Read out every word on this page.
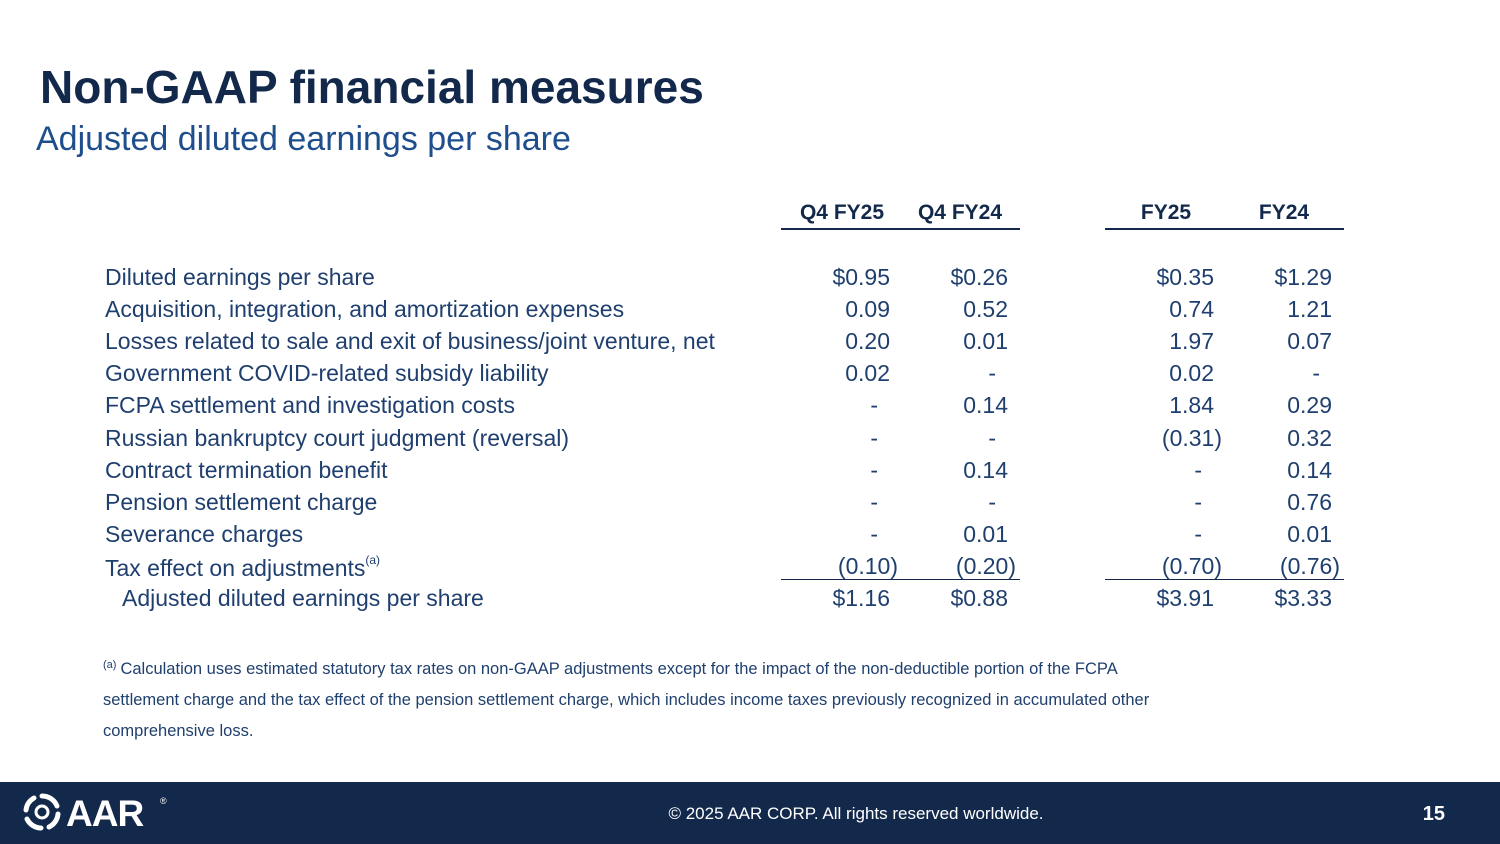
Non-GAAP financial measures
Adjusted diluted earnings per share
Q4 FY25	Q4 FY24	FY25	FY24
Diluted earnings per share	$0.95	$0.26	$0.35	$1.29
Acquisition, integration, and amortization expenses	0.09	0.52	0.74	1.21
Losses related to sale and exit of business/joint venture, net	0.20	0.01	1.97	0.07
Government COVID-related subsidy liability	0.02	-	0.02	-
FCPA settlement and investigation costs	-	0.14	1.84	0.29
Russian bankruptcy court judgment (reversal)	-	-	(0.31)	0.32
Contract termination benefit	-	0.14	-	0.14
Pension settlement charge	-	-	-	0.76
Severance charges	-	0.01	-	0.01
Tax effect on adjustments$^{(a)}$	(0.10)	(0.20)	(0.70)	(0.76)
Adjusted diluted earnings per share	$1.16	$0.88	$3.91	$3.33
$^{(a)}$ Calculation uses estimated statutory tax rates on non-GAAP adjustments except for the impact of the non-deductible portion of the FCPA settlement charge and the tax effect of the pension settlement charge, which includes income taxes previously recognized in accumulated other comprehensive loss.
AAR ®
© 2025 AAR CORP. All rights reserved worldwide.	15
